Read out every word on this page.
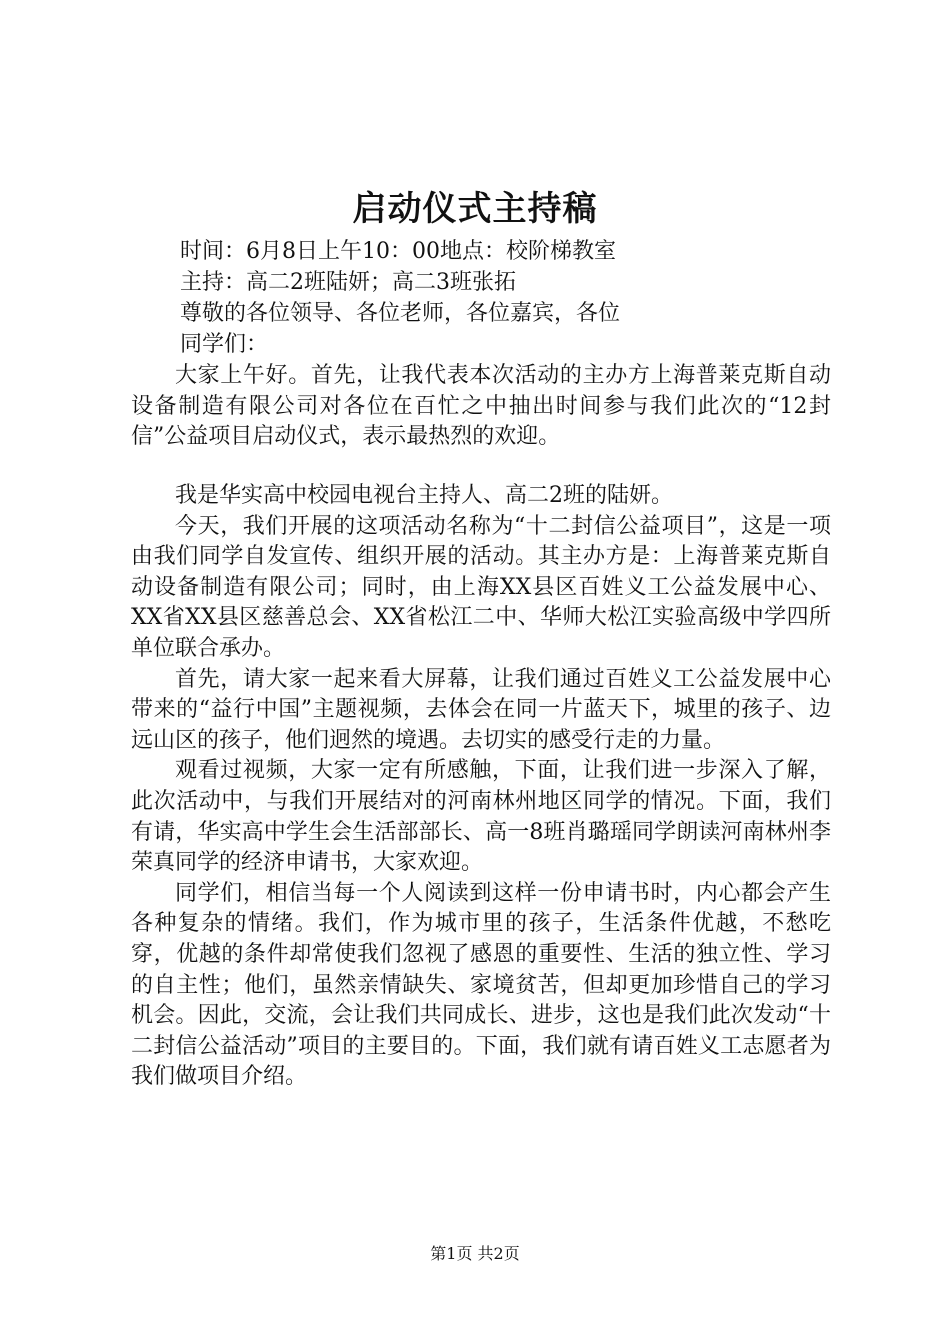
启动仪式主持稿
时间：6月8日上午10：00地点：校阶梯教室
主持：高二2班陆妍；高二3班张拓
尊敬的各位领导、各位老师，各位嘉宾，各位
同学们：

大家上午好。首先，让我代表本次活动的主办方上海普莱克斯自动设备制造有限公司对各位在百忙之中抽出时间参与我们此次的“12封信”公益项目启动仪式，表示最热烈的欢迎。

我是华实高中校园电视台主持人、高二2班的陆妍。

今天，我们开展的这项活动名称为“十二封信公益项目”，这是一项由我们同学自发宣传、组织开展的活动。其主办方是：上海普莱克斯自动设备制造有限公司；同时，由上海XX县区百姓义工公益发展中心、XX省XX县区慈善总会、XX省松江二中、华师大松江实验高级中学四所单位联合承办。

首先，请大家一起来看大屏幕，让我们通过百姓义工公益发展中心带来的“益行中国”主题视频，去体会在同一片蓝天下，城里的孩子、边远山区的孩子，他们迥然的境遇。去切实的感受行走的力量。

观看过视频，大家一定有所感触，下面，让我们进一步深入了解，此次活动中，与我们开展结对的河南林州地区同学的情况。下面，我们有请，华实高中学生会生活部部长、高一8班肖璐瑶同学朗读河南林州李荣真同学的经济申请书，大家欢迎。

同学们，相信当每一个人阅读到这样一份申请书时，内心都会产生各种复杂的情绪。我们，作为城市里的孩子，生活条件优越，不愁吃穿，优越的条件却常使我们忽视了感恩的重要性、生活的独立性、学习的自主性；他们，虽然亲情缺失、家境贫苦，但却更加珍惜自己的学习机会。因此，交流，会让我们共同成长、进步，这也是我们此次发动“十二封信公益活动”项目的主要目的。下面，我们就有请百姓义工志愿者为我们做项目介绍。

第1页 共2页
